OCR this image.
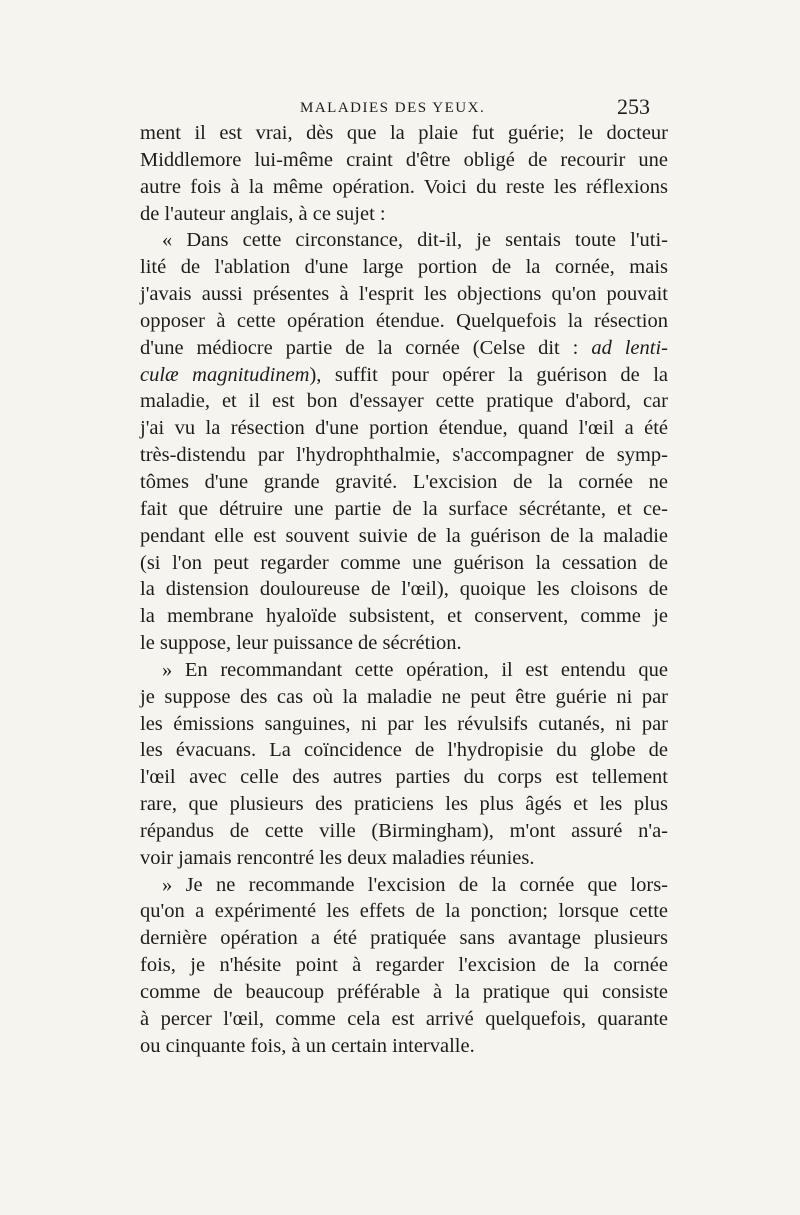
MALADIES DES YEUX.	253
ment il est vrai, dès que la plaie fut guérie; le docteur
Middlemore lui-même craint d'être obligé de recourir une
autre fois à la même opération. Voici du reste les réflexions
de l'auteur anglais, à ce sujet :
« Dans cette circonstance, dit-il, je sentais toute l'uti-
lité de l'ablation d'une large portion de la cornée, mais
j'avais aussi présentes à l'esprit les objections qu'on pouvait
opposer à cette opération étendue. Quelquefois la résection
d'une médiocre partie de la cornée (Celse dit : ad lenti-
culæ magnitudinem), suffit pour opérer la guérison de la
maladie, et il est bon d'essayer cette pratique d'abord, car
j'ai vu la résection d'une portion étendue, quand l'œil a été
très-distendu par l'hydrophthalmie, s'accompagner de symp-
tômes d'une grande gravité. L'excision de la cornée ne
fait que détruire une partie de la surface sécrétante, et ce-
pendant elle est souvent suivie de la guérison de la maladie
(si l'on peut regarder comme une guérison la cessation de
la distension douloureuse de l'œil), quoique les cloisons de
la membrane hyaloïde subsistent, et conservent, comme je
le suppose, leur puissance de sécrétion.
» En recommandant cette opération, il est entendu que
je suppose des cas où la maladie ne peut être guérie ni par
les émissions sanguines, ni par les révulsifs cutanés, ni par
les évacuans. La coïncidence de l'hydropisie du globe de
l'œil avec celle des autres parties du corps est tellement
rare, que plusieurs des praticiens les plus âgés et les plus
répandus de cette ville (Birmingham), m'ont assuré n'a-
voir jamais rencontré les deux maladies réunies.
» Je ne recommande l'excision de la cornée que lors-
qu'on a expérimenté les effets de la ponction; lorsque cette
dernière opération a été pratiquée sans avantage plusieurs
fois, je n'hésite point à regarder l'excision de la cornée
comme de beaucoup préférable à la pratique qui consiste
à percer l'œil, comme cela est arrivé quelquefois, quarante
ou cinquante fois, à un certain intervalle.
